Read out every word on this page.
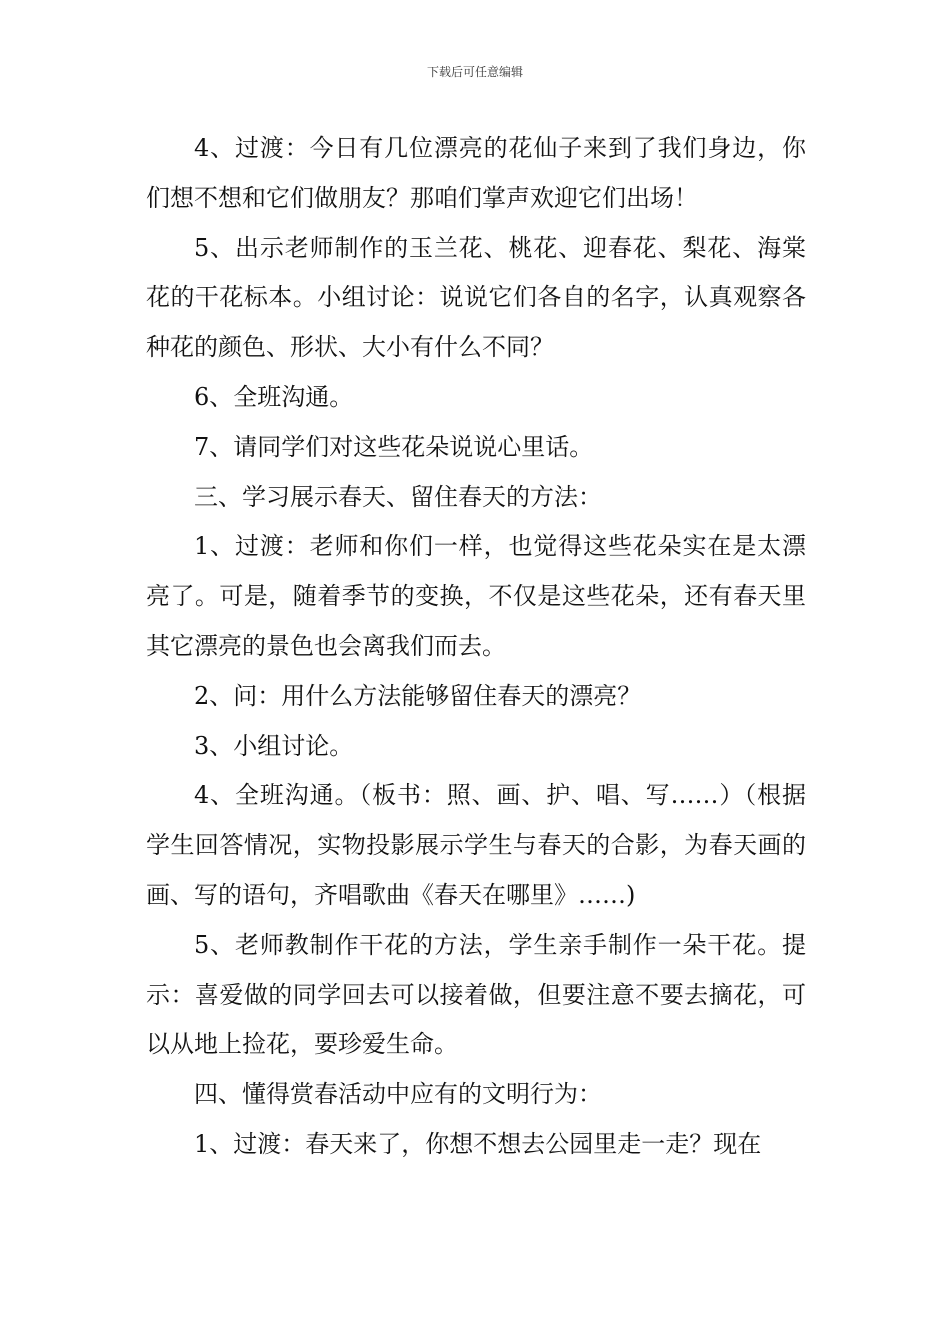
下载后可任意编辑

4、过渡：今日有几位漂亮的花仙子来到了我们身边，你们想不想和它们做朋友？那咱们掌声欢迎它们出场！

5、出示老师制作的玉兰花、桃花、迎春花、梨花、海棠花的干花标本。小组讨论：说说它们各自的名字，认真观察各种花的颜色、形状、大小有什么不同？

6、全班沟通。

7、请同学们对这些花朵说说心里话。

三、学习展示春天、留住春天的方法：

1、过渡：老师和你们一样，也觉得这些花朵实在是太漂亮了。可是，随着季节的变换，不仅是这些花朵，还有春天里其它漂亮的景色也会离我们而去。

2、问：用什么方法能够留住春天的漂亮？

3、小组讨论。

4、全班沟通。（板书：照、画、护、唱、写……）（根据学生回答情况，实物投影展示学生与春天的合影，为春天画的画、写的语句，齐唱歌曲《春天在哪里》……)

5、老师教制作干花的方法，学生亲手制作一朵干花。提示：喜爱做的同学回去可以接着做，但要注意不要去摘花，可以从地上捡花，要珍爱生命。

四、懂得赏春活动中应有的文明行为：

1、过渡：春天来了，你想不想去公园里走一走？现在
